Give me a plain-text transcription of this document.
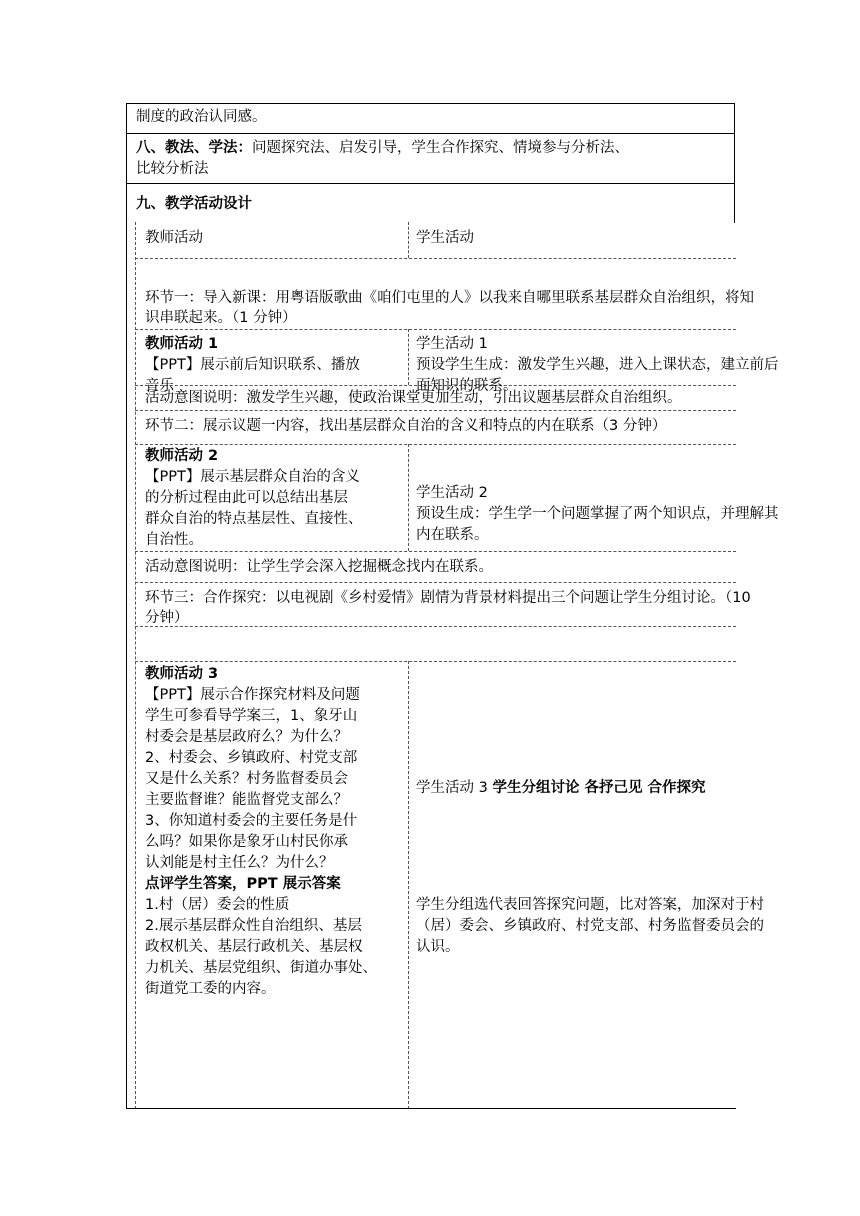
制度的政治认同感。
八、教法、学法：问题探究法、启发引导，学生合作探究、情境参与分析法、
比较分析法
九、教学活动设计
教师活动	学生活动
环节一：导入新课：用粤语版歌曲《咱们屯里的人》以我来自哪里联系基层群众自治组织，将知
识串联起来。（1 分钟）
教师活动 1
【PPT】展示前后知识联系、播放
音乐
学生活动 1
预设学生生成：激发学生兴趣，进入上课状态，建立前后
面知识的联系。
活动意图说明：激发学生兴趣，使政治课堂更加生动，引出议题基层群众自治组织。
环节二：展示议题一内容，找出基层群众自治的含义和特点的内在联系（3 分钟）
教师活动 2
【PPT】展示基层群众自治的含义
的分析过程由此可以总结出基层
群众自治的特点基层性、直接性、
自治性。
学生活动 2
预设生成：学生学一个问题掌握了两个知识点，并理解其
内在联系。
活动意图说明：让学生学会深入挖掘概念找内在联系。
环节三：合作探究：以电视剧《乡村爱情》剧情为背景材料提出三个问题让学生分组讨论。（10
分钟）
教师活动 3
【PPT】展示合作探究材料及问题
学生可参看导学案三，1、象牙山
村委会是基层政府么？为什么？
2、村委会、乡镇政府、村党支部
又是什么关系？村务监督委员会
主要监督谁？能监督党支部么？
3、你知道村委会的主要任务是什
么吗？如果你是象牙山村民你承
认刘能是村主任么？为什么？
点评学生答案，PPT 展示答案
1.村（居）委会的性质
2.展示基层群众性自治组织、基层
政权机关、基层行政机关、基层权
力机关、基层党组织、街道办事处、
街道党工委的内容。
学生活动 3 学生分组讨论 各抒己见 合作探究
学生分组选代表回答探究问题，比对答案，加深对于村
（居）委会、乡镇政府、村党支部、村务监督委员会的
认识。
